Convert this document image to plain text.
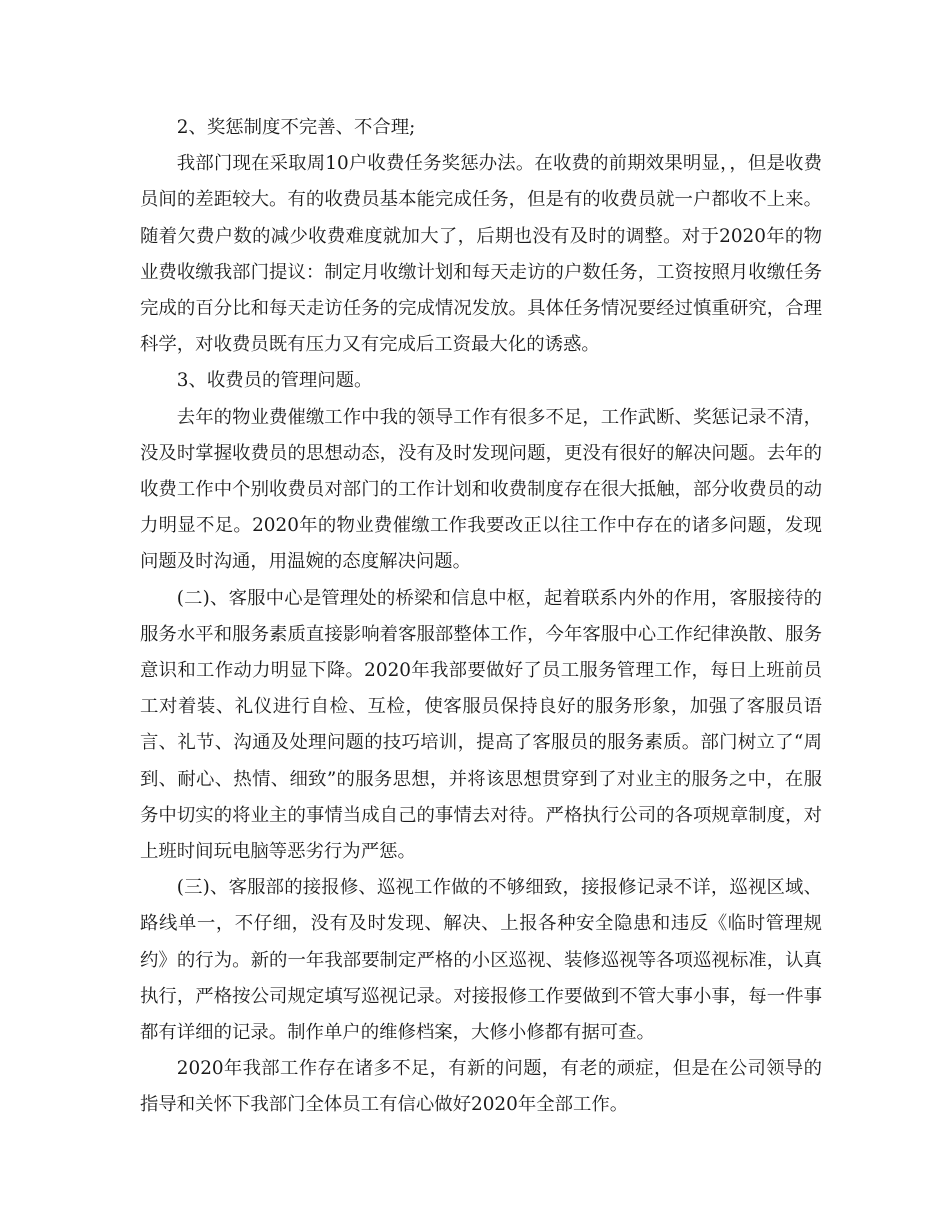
2、奖惩制度不完善、不合理;

我部门现在采取周10户收费任务奖惩办法。在收费的前期效果明显，，但是收费员间的差距较大。有的收费员基本能完成任务，但是有的收费员就一户都收不上来。随着欠费户数的减少收费难度就加大了，后期也没有及时的调整。对于2020年的物业费收缴我部门提议：制定月收缴计划和每天走访的户数任务，工资按照月收缴任务完成的百分比和每天走访任务的完成情况发放。具体任务情况要经过慎重研究，合理科学，对收费员既有压力又有完成后工资最大化的诱惑。

3、收费员的管理问题。

去年的物业费催缴工作中我的领导工作有很多不足，工作武断、奖惩记录不清，没及时掌握收费员的思想动态，没有及时发现问题，更没有很好的解决问题。去年的收费工作中个别收费员对部门的工作计划和收费制度存在很大抵触，部分收费员的动力明显不足。2020年的物业费催缴工作我要改正以往工作中存在的诸多问题，发现问题及时沟通，用温婉的态度解决问题。

(二)、客服中心是管理处的桥梁和信息中枢，起着联系内外的作用，客服接待的服务水平和服务素质直接影响着客服部整体工作，今年客服中心工作纪律涣散、服务意识和工作动力明显下降。2020年我部要做好了员工服务管理工作，每日上班前员工对着装、礼仪进行自检、互检，使客服员保持良好的服务形象，加强了客服员语言、礼节、沟通及处理问题的技巧培训，提高了客服员的服务素质。部门树立了“周到、耐心、热情、细致”的服务思想，并将该思想贯穿到了对业主的服务之中，在服务中切实的将业主的事情当成自己的事情去对待。严格执行公司的各项规章制度，对上班时间玩电脑等恶劣行为严惩。

(三)、客服部的接报修、巡视工作做的不够细致，接报修记录不详，巡视区域、路线单一，不仔细，没有及时发现、解决、上报各种安全隐患和违反《临时管理规约》的行为。新的一年我部要制定严格的小区巡视、装修巡视等各项巡视标准，认真执行，严格按公司规定填写巡视记录。对接报修工作要做到不管大事小事，每一件事都有详细的记录。制作单户的维修档案，大修小修都有据可查。

2020年我部工作存在诸多不足，有新的问题，有老的顽症，但是在公司领导的指导和关怀下我部门全体员工有信心做好2020年全部工作。
